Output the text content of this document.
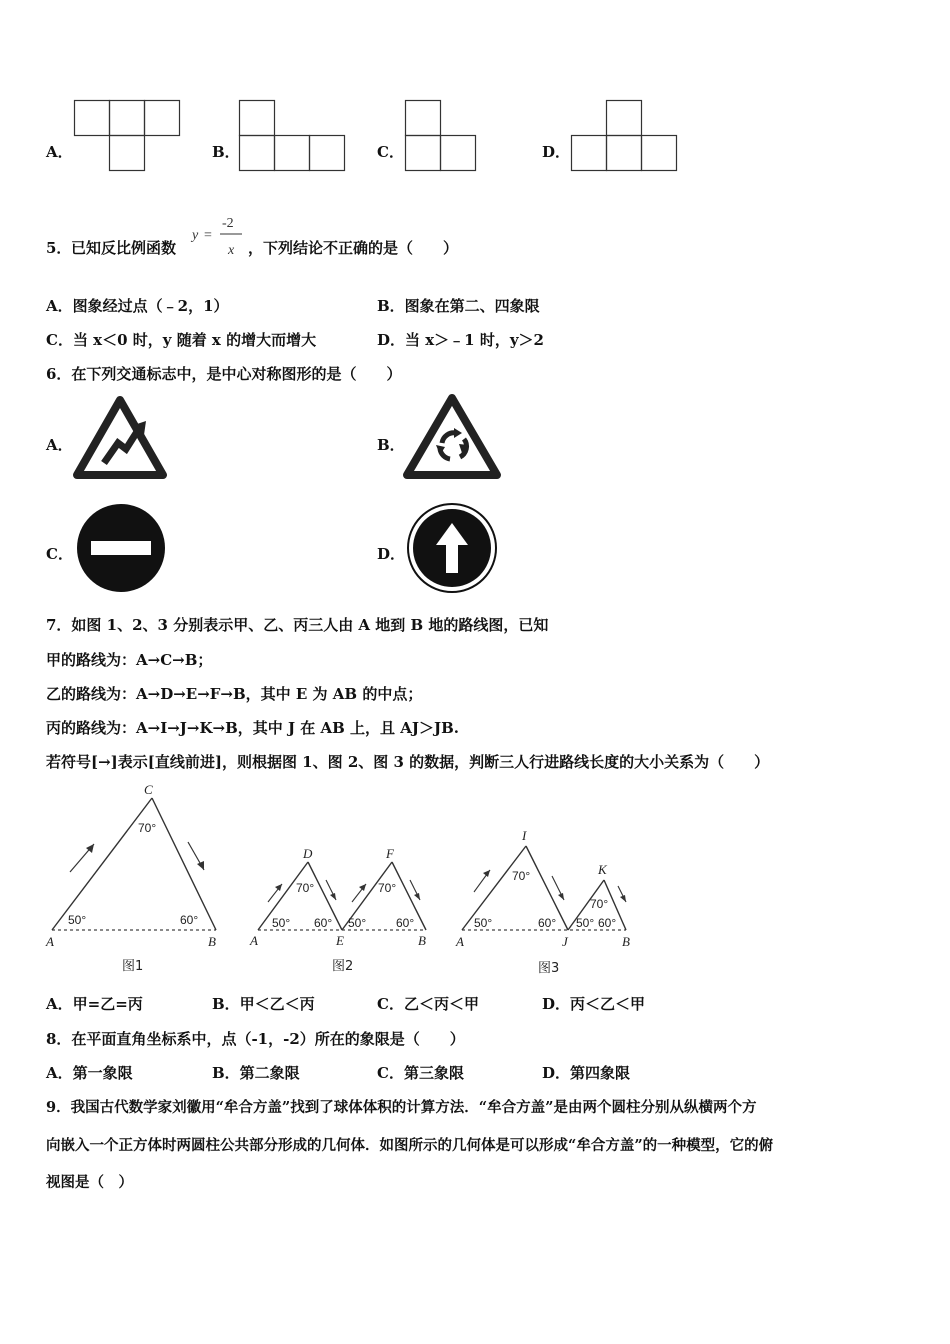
A．	B．	C．	D．
5． 已知反比例函数
y =
-2
x ，下列结论不正确的是（　　）
A．图象经过点（﹣2，1）	B．图象在第二、四象限
C．当 x＜0 时，y 随着 x 的增大而增大	D．当 x＞﹣1 时，y＞2
6．在下列交通标志中，是中心对称图形的是（　　）
A．	B．
C．	D．
7．如图 1、2、3 分别表示甲、乙、丙三人由 A 地到 B 地的路线图，已知
甲的路线为：A→C→B；
乙的路线为：A→D→E→F→B，其中 E 为 AB 的中点；
丙的路线为：A→I→J→K→B，其中 J 在 AB 上，且 AJ＞JB.
若符号[→]表示[直线前进]，则根据图 1、图 2、图 3 的数据，判断三人行进路线长度的大小关系为（　　）
C
70°
50°	60°
A	B
图1
D	F
70°	70°
50° 60° 50° 60°
A	E	B
图2
I
K
70°
70°
50°	60° 50° 60°
A	J	B
图3
A．甲=乙=丙	B．甲＜乙＜丙	C．乙＜丙＜甲	D．丙＜乙＜甲
8．在平面直角坐标系中，点（-1，-2）所在的象限是（　　）
A．第一象限	B．第二象限	C．第三象限	D．第四象限
9．我国古代数学家刘徽用“牟合方盖”找到了球体体积的计算方法．“牟合方盖”是由两个圆柱分别从纵横两个方
向嵌入一个正方体时两圆柱公共部分形成的几何体．如图所示的几何体是可以形成“牟合方盖”的一种模型，它的俯
视图是（　）
